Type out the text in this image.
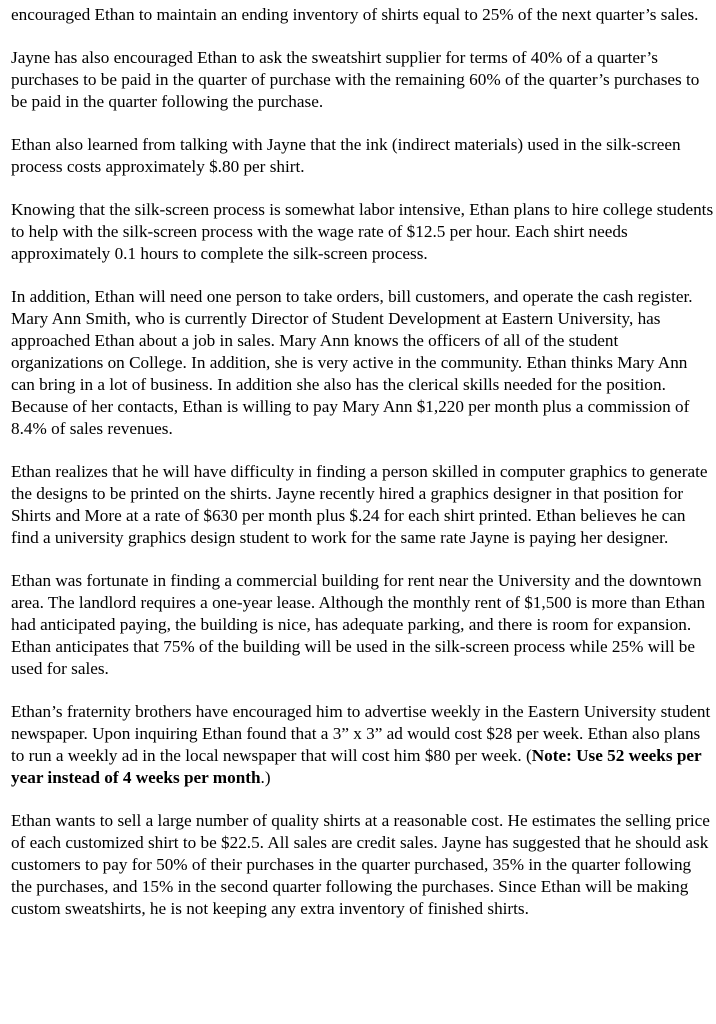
encouraged Ethan to maintain an ending inventory of shirts equal to 25% of the next quarter’s sales.

Jayne has also encouraged Ethan to ask the sweatshirt supplier for terms of 40% of a quarter’s purchases to be paid in the quarter of purchase with the remaining 60% of the quarter’s purchases to be paid in the quarter following the purchase.

Ethan also learned from talking with Jayne that the ink (indirect materials) used in the silk-screen process costs approximately $.80 per shirt.

Knowing that the silk-screen process is somewhat labor intensive, Ethan plans to hire college students to help with the silk-screen process with the wage rate of $12.5 per hour. Each shirt needs approximately 0.1 hours to complete the silk-screen process.

In addition, Ethan will need one person to take orders, bill customers, and operate the cash register. Mary Ann Smith, who is currently Director of Student Development at Eastern University, has approached Ethan about a job in sales. Mary Ann knows the officers of all of the student organizations on College. In addition, she is very active in the community. Ethan thinks Mary Ann can bring in a lot of business. In addition she also has the clerical skills needed for the position. Because of her contacts, Ethan is willing to pay Mary Ann $1,220 per month plus a commission of 8.4% of sales revenues.

Ethan realizes that he will have difficulty in finding a person skilled in computer graphics to generate the designs to be printed on the shirts. Jayne recently hired a graphics designer in that position for Shirts and More at a rate of $630 per month plus $.24 for each shirt printed. Ethan believes he can find a university graphics design student to work for the same rate Jayne is paying her designer.

Ethan was fortunate in finding a commercial building for rent near the University and the downtown area. The landlord requires a one-year lease. Although the monthly rent of $1,500 is more than Ethan had anticipated paying, the building is nice, has adequate parking, and there is room for expansion. Ethan anticipates that 75% of the building will be used in the silk-screen process while 25% will be used for sales.

Ethan’s fraternity brothers have encouraged him to advertise weekly in the Eastern University student newspaper. Upon inquiring Ethan found that a 3” x 3” ad would cost $28 per week. Ethan also plans to run a weekly ad in the local newspaper that will cost him $80 per week. (Note: Use 52 weeks per year instead of 4 weeks per month.)

Ethan wants to sell a large number of quality shirts at a reasonable cost. He estimates the selling price of each customized shirt to be $22.5. All sales are credit sales. Jayne has suggested that he should ask customers to pay for 50% of their purchases in the quarter purchased, 35% in the quarter following the purchases, and 15% in the second quarter following the purchases. Since Ethan will be making custom sweatshirts, he is not keeping any extra inventory of finished shirts.
